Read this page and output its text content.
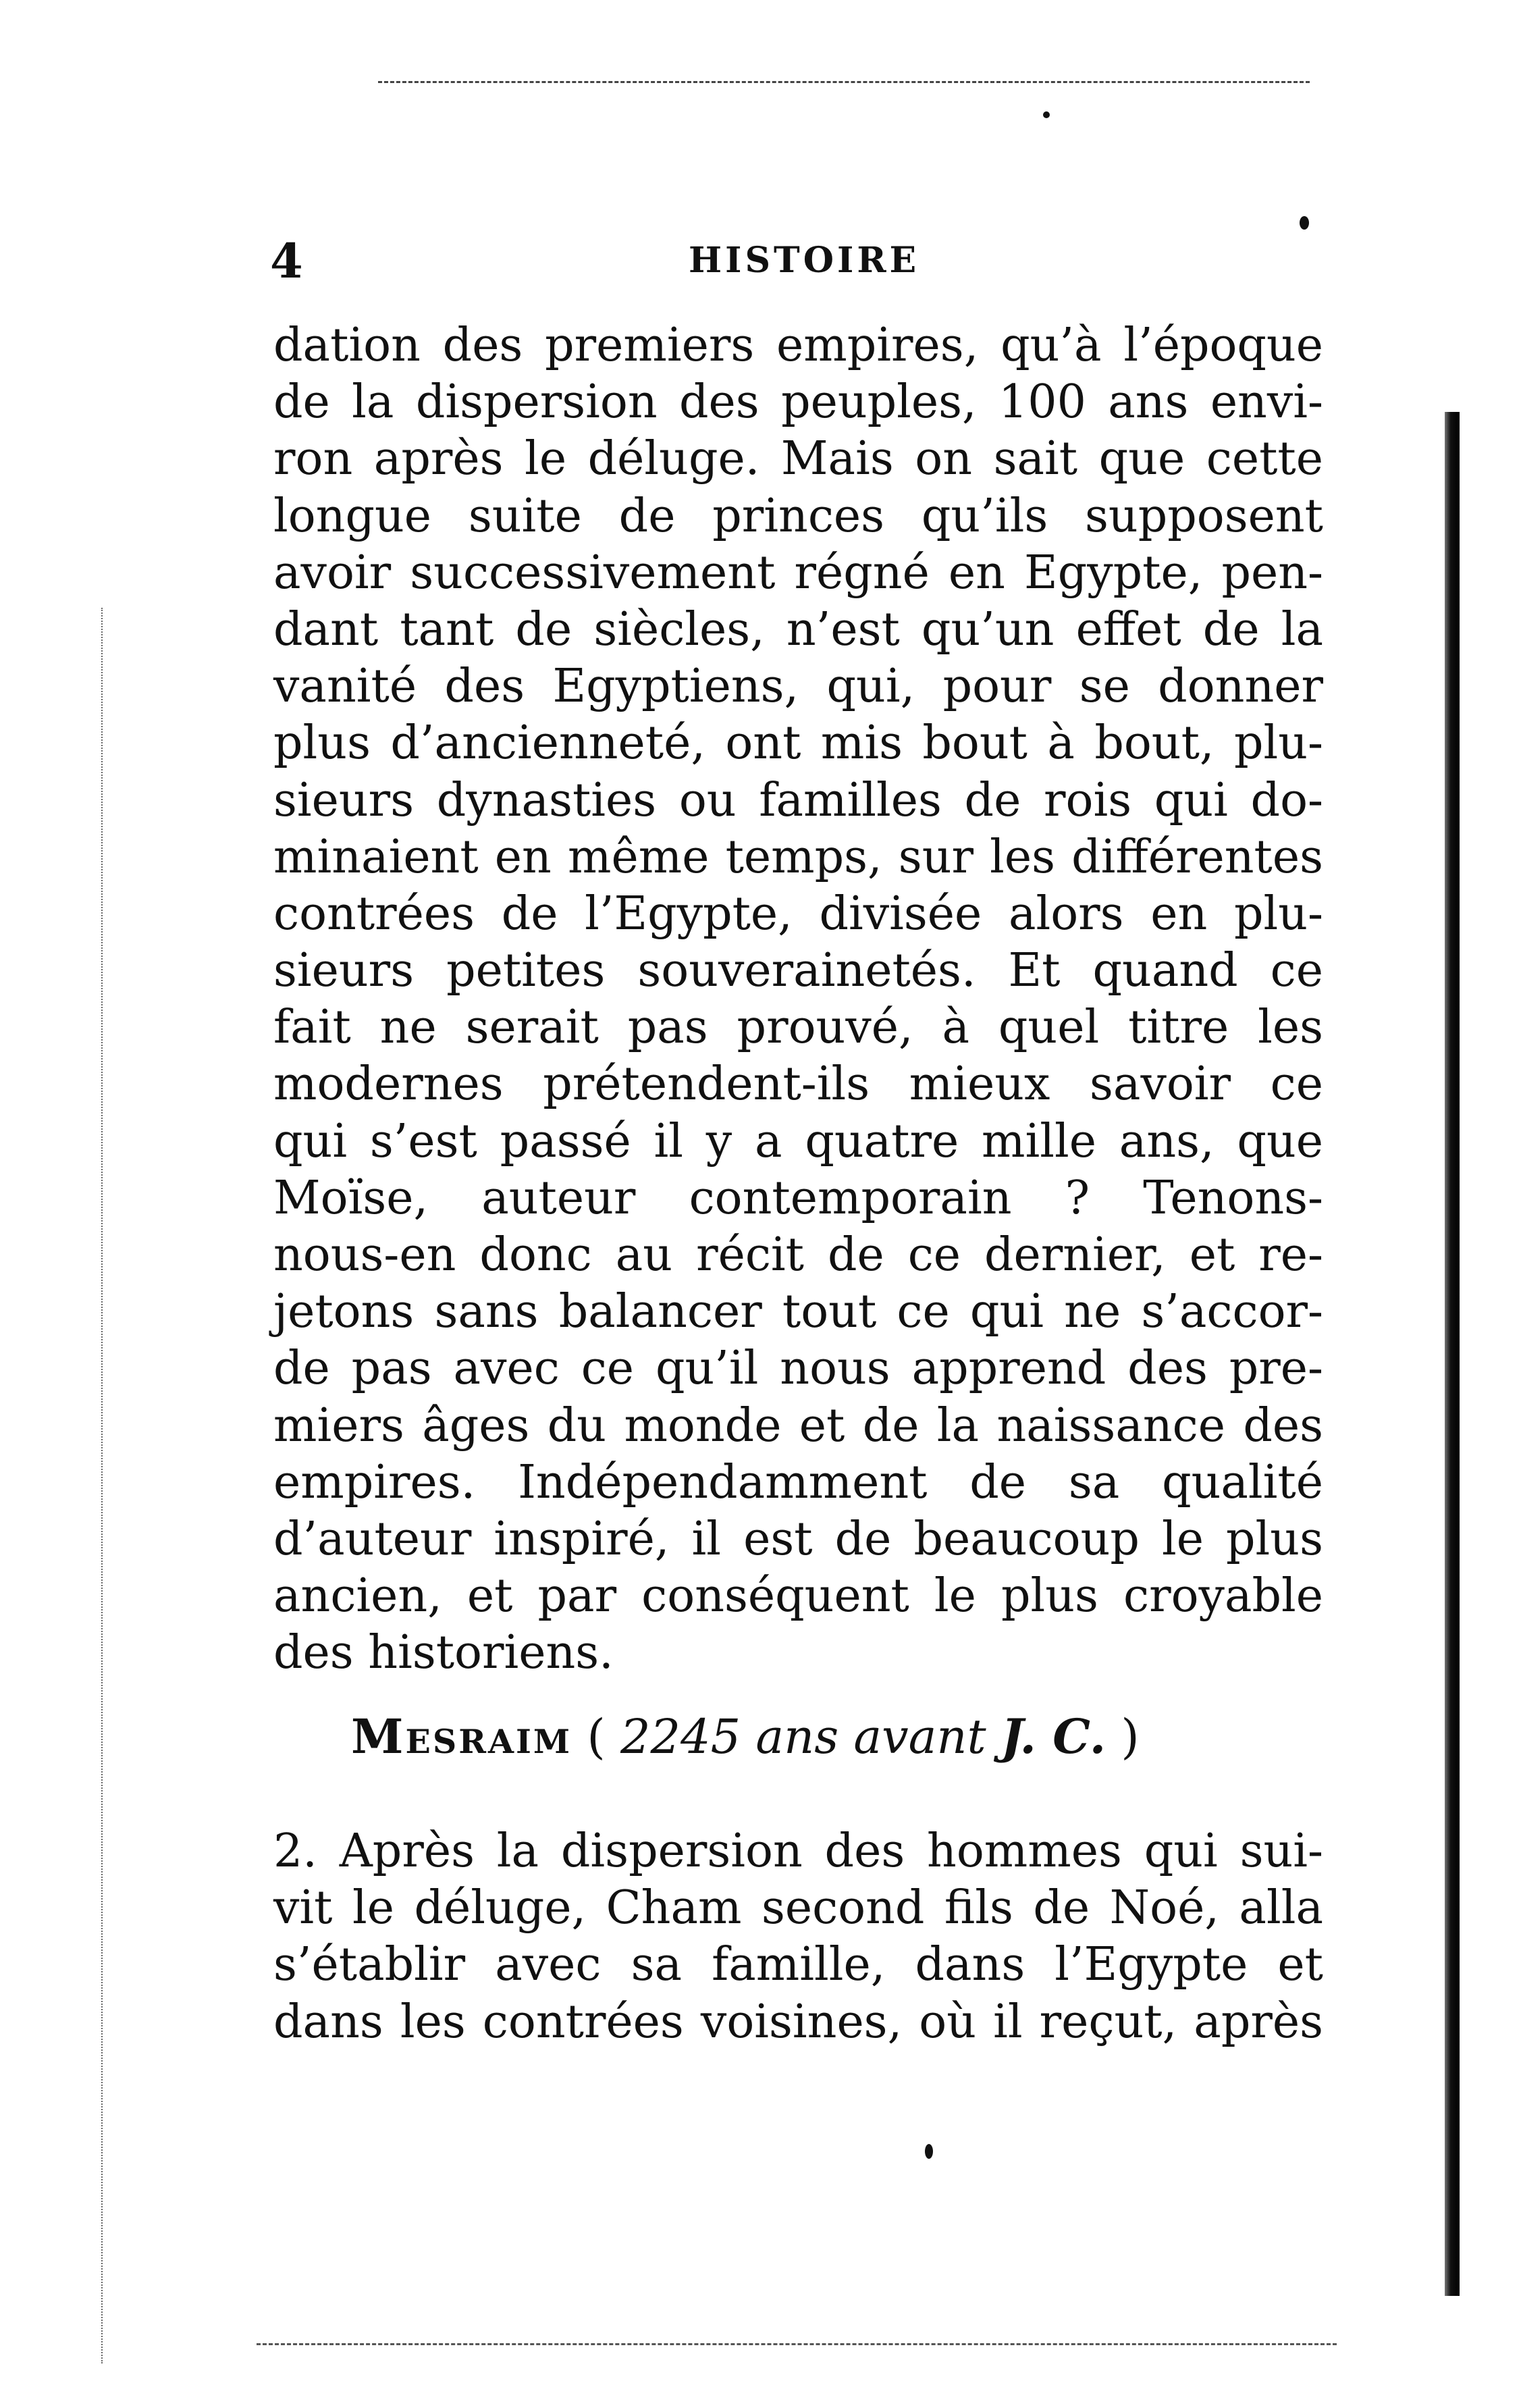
4	HISTOIRE
dation des premiers empires, qu’à l’époque
de la dispersion des peuples, 100 ans envi-
ron après le déluge. Mais on sait que cette
longue suite de princes qu’ils supposent
avoir successivement régné en Egypte, pen-
dant tant de siècles, n’est qu’un effet de la
vanité des Egyptiens, qui, pour se donner
plus d’ancienneté, ont mis bout à bout, plu-
sieurs dynasties ou familles de rois qui do-
minaient en même temps, sur les différentes
contrées de l’Egypte, divisée alors en plu-
sieurs petites souverainetés. Et quand ce
fait ne serait pas prouvé, à quel titre les
modernes prétendent-ils mieux savoir ce
qui s’est passé il y a quatre mille ans, que
Moïse, auteur contemporain ? Tenons-
nous-en donc au récit de ce dernier, et re-
jetons sans balancer tout ce qui ne s’accor-
de pas avec ce qu’il nous apprend des pre-
miers âges du monde et de la naissance des
empires. Indépendamment de sa qualité
d’auteur inspiré, il est de beaucoup le plus
ancien, et par conséquent le plus croyable
des historiens.
Mesraim ( 2245 ans avant J. C. )
2. Après la dispersion des hommes qui sui-
vit le déluge, Cham second fils de Noé, alla
s’établir avec sa famille, dans l’Egypte et
dans les contrées voisines, où il reçut, après
